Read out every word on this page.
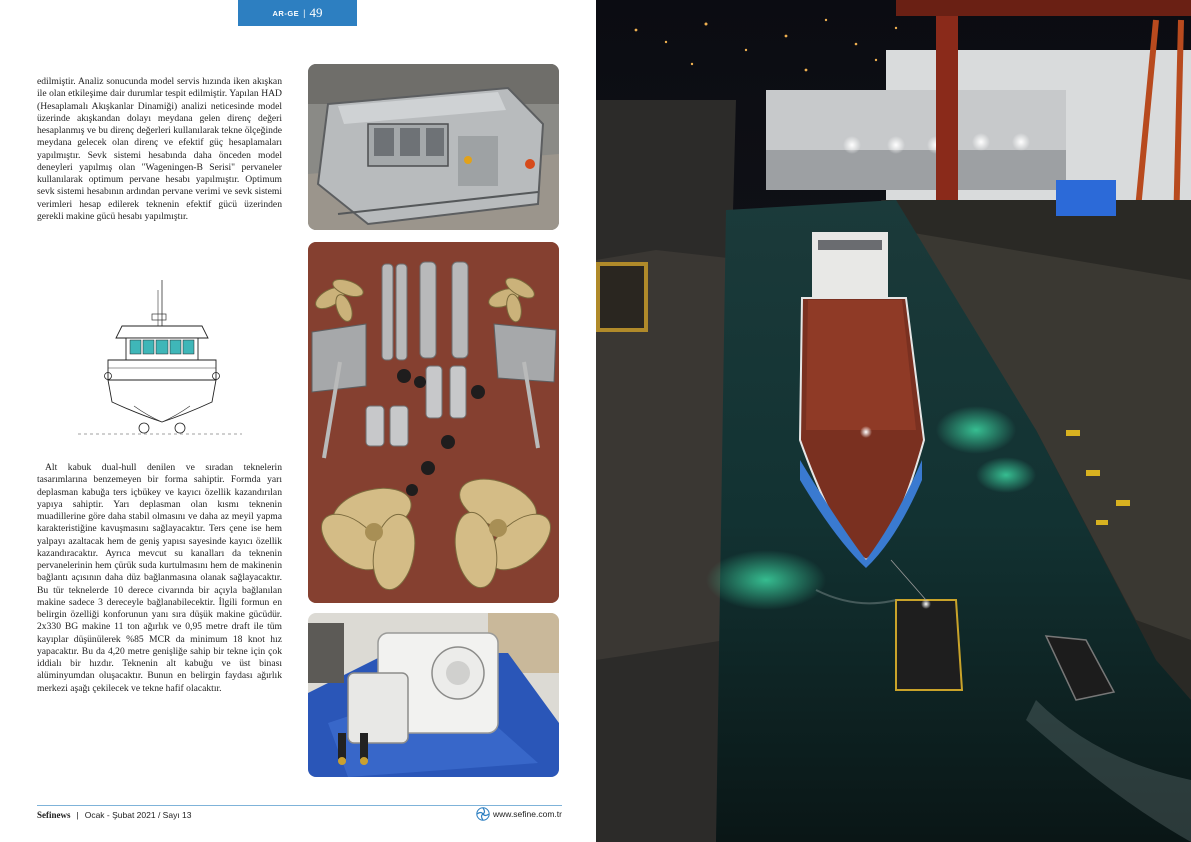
AR-GE | 49

edilmiştir. Analiz sonucunda model servis hızında iken akışkan ile olan etkileşime dair durumlar tespit edilmiştir. Yapılan HAD (Hesaplamalı Akışkanlar Dinamiği) analizi neticesinde model üzerinde akışkandan dolayı meydana gelen direnç değeri hesaplanmış ve bu direnç değerleri kullanılarak tekne ölçeğinde meydana gelecek olan direnç ve efektif güç hesaplamaları yapılmıştır. Sevk sistemi hesabında daha önceden model deneyleri yapılmış olan "Wageningen-B Serisi" pervaneler kullanılarak optimum pervane hesabı yapılmıştır. Optimum sevk sistemi hesabının ardından pervane verimi ve sevk sistemi verimleri hesap edilerek teknenin efektif gücü üzerinden gerekli makine gücü hesabı yapılmıştır.

Alt kabuk dual-hull denilen ve sıradan teknelerin tasarımlarına benzemeyen bir forma sahiptir. Formda yarı deplasman kabuğa ters içbükey ve kayıcı özellik kazandırılan yapıya sahiptir. Yarı deplasman olan kısmı teknenin muadillerine göre daha stabil olmasını ve daha az meyil yapma karakteristiğine kavuşmasını sağlayacaktır. Ters çene ise hem yalpayı azaltacak hem de geniş yapısı sayesinde kayıcı özellik kazandıracaktır. Ayrıca mevcut su kanalları da teknenin pervanelerinin hem çürük suda kurtulmasını hem de makinenin bağlantı açısının daha düz bağlanmasına olanak sağlayacaktır. Bu tür teknelerde 10 derece civarında bir açıyla bağlanılan makine sadece 3 dereceyle bağlanabilecektir. İlgili formun en belirgin özelliği konforunun yanı sıra düşük makine gücüdür. 2x330 BG makine 11 ton ağırlık ve 0,95 metre draft ile tüm kayıplar düşünülerek %85 MCR da minimum 18 knot hız yapacaktır. Bu da 4,20 metre genişliğe sahip bir tekne için çok iddialı bir hızdır. Teknenin alt kabuğu ve üst binası alüminyumdan oluşacaktır. Bunun en belirgin faydası ağırlık merkezi aşağı çekilecek ve tekne hafif olacaktır.

Sefinews | Ocak - Şubat 2021 / Sayı 13	www.sefine.com.tr
